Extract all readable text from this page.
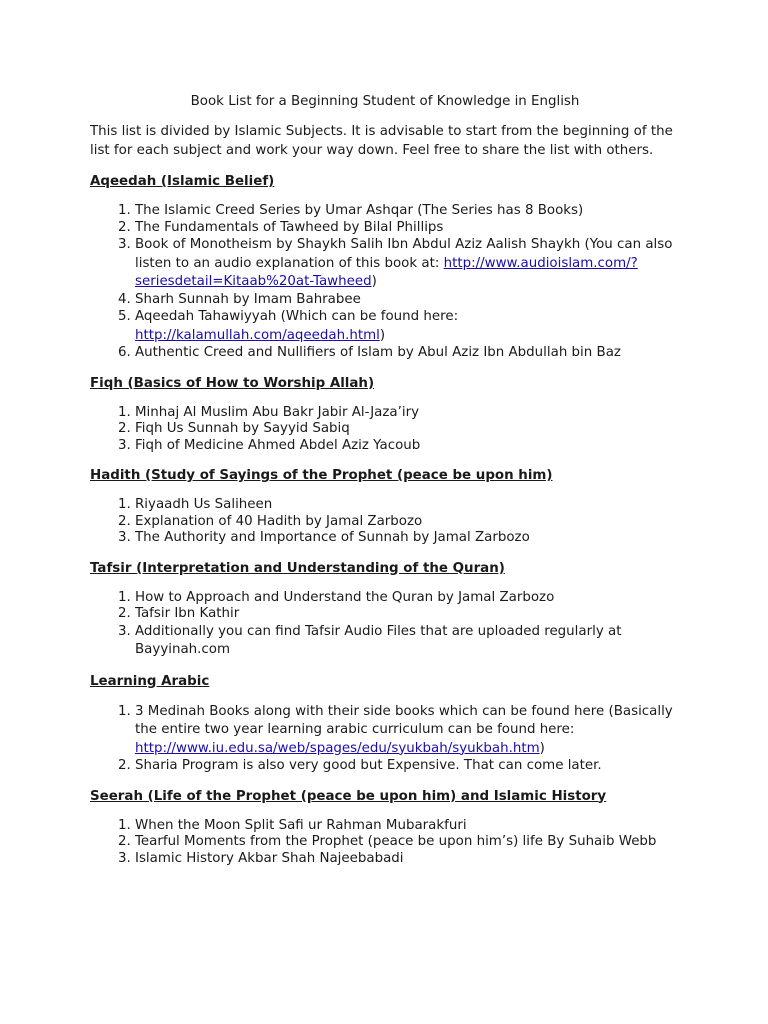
Book List for a Beginning Student of Knowledge in English

This list is divided by Islamic Subjects. It is advisable to start from the beginning of the list for each subject and work your way down. Feel free to share the list with others.

Aqeedah (Islamic Belief)
1. The Islamic Creed Series by Umar Ashqar (The Series has 8 Books)
2. The Fundamentals of Tawheed by Bilal Phillips
3. Book of Monotheism by Shaykh Salih Ibn Abdul Aziz Aalish Shaykh (You can also listen to an audio explanation of this book at: http://www.audioislam.com/?seriesdetail=Kitaab%20at-Tawheed)
4. Sharh Sunnah by Imam Bahrabee
5. Aqeedah Tahawiyyah (Which can be found here: http://kalamullah.com/aqeedah.html)
6. Authentic Creed and Nullifiers of Islam by Abul Aziz Ibn Abdullah bin Baz
Fiqh (Basics of How to Worship Allah)
1. Minhaj Al Muslim Abu Bakr Jabir Al-Jaza’iry
2. Fiqh Us Sunnah by Sayyid Sabiq
3. Fiqh of Medicine Ahmed Abdel Aziz Yacoub
Hadith (Study of Sayings of the Prophet (peace be upon him)
1. Riyaadh Us Saliheen
2. Explanation of 40 Hadith by Jamal Zarbozo
3. The Authority and Importance of Sunnah by Jamal Zarbozo
Tafsir (Interpretation and Understanding of the Quran)
1. How to Approach and Understand the Quran by Jamal Zarbozo
2. Tafsir Ibn Kathir
3. Additionally you can find Tafsir Audio Files that are uploaded regularly at Bayyinah.com
Learning Arabic
1. 3 Medinah Books along with their side books which can be found here (Basically the entire two year learning arabic curriculum can be found here: http://www.iu.edu.sa/web/spages/edu/syukbah/syukbah.htm)
2. Sharia Program is also very good but Expensive. That can come later.
Seerah (Life of the Prophet (peace be upon him) and Islamic History
1. When the Moon Split Safi ur Rahman Mubarakfuri
2. Tearful Moments from the Prophet (peace be upon him’s) life By Suhaib Webb
3. Islamic History Akbar Shah Najeebabadi
